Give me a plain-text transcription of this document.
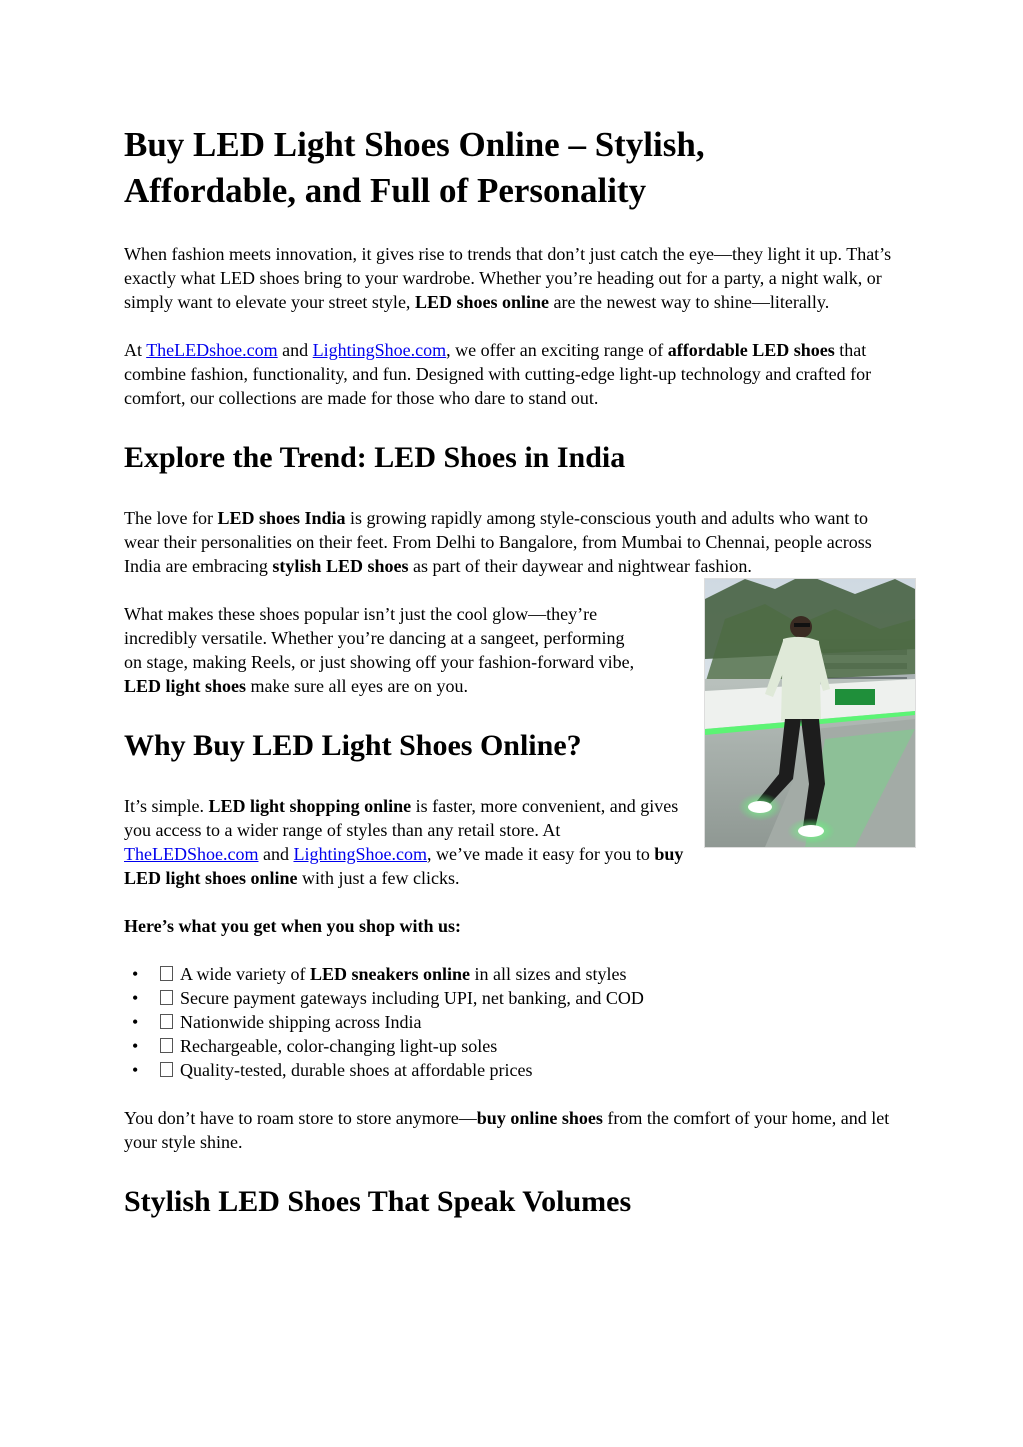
Buy LED Light Shoes Online – Stylish, Affordable, and Full of Personality

When fashion meets innovation, it gives rise to trends that don’t just catch the eye—they light it up. That’s exactly what LED shoes bring to your wardrobe. Whether you’re heading out for a party, a night walk, or simply want to elevate your street style, LED shoes online are the newest way to shine—literally.

At TheLEDshoe.com and LightingShoe.com, we offer an exciting range of affordable LED shoes that combine fashion, functionality, and fun. Designed with cutting-edge light-up technology and crafted for comfort, our collections are made for those who dare to stand out.

Explore the Trend: LED Shoes in India

The love for LED shoes India is growing rapidly among style-conscious youth and adults who want to wear their personalities on their feet. From Delhi to Bangalore, from Mumbai to Chennai, people across India are embracing stylish LED shoes as part of their daywear and nightwear fashion.

What makes these shoes popular isn’t just the cool glow—they’re incredibly versatile. Whether you’re dancing at a sangeet, performing on stage, making Reels, or just showing off your fashion-forward vibe, LED light shoes make sure all eyes are on you.

Why Buy LED Light Shoes Online?

It’s simple. LED light shopping online is faster, more convenient, and gives you access to a wider range of styles than any retail store. At TheLEDShoe.com and LightingShoe.com, we’ve made it easy for you to buy LED light shoes online with just a few clicks.

Here’s what you get when you shop with us:

• A wide variety of LED sneakers online in all sizes and styles
• Secure payment gateways including UPI, net banking, and COD
• Nationwide shipping across India
• Rechargeable, color-changing light-up soles
• Quality-tested, durable shoes at affordable prices

You don’t have to roam store to store anymore—buy online shoes from the comfort of your home, and let your style shine.

Stylish LED Shoes That Speak Volumes
